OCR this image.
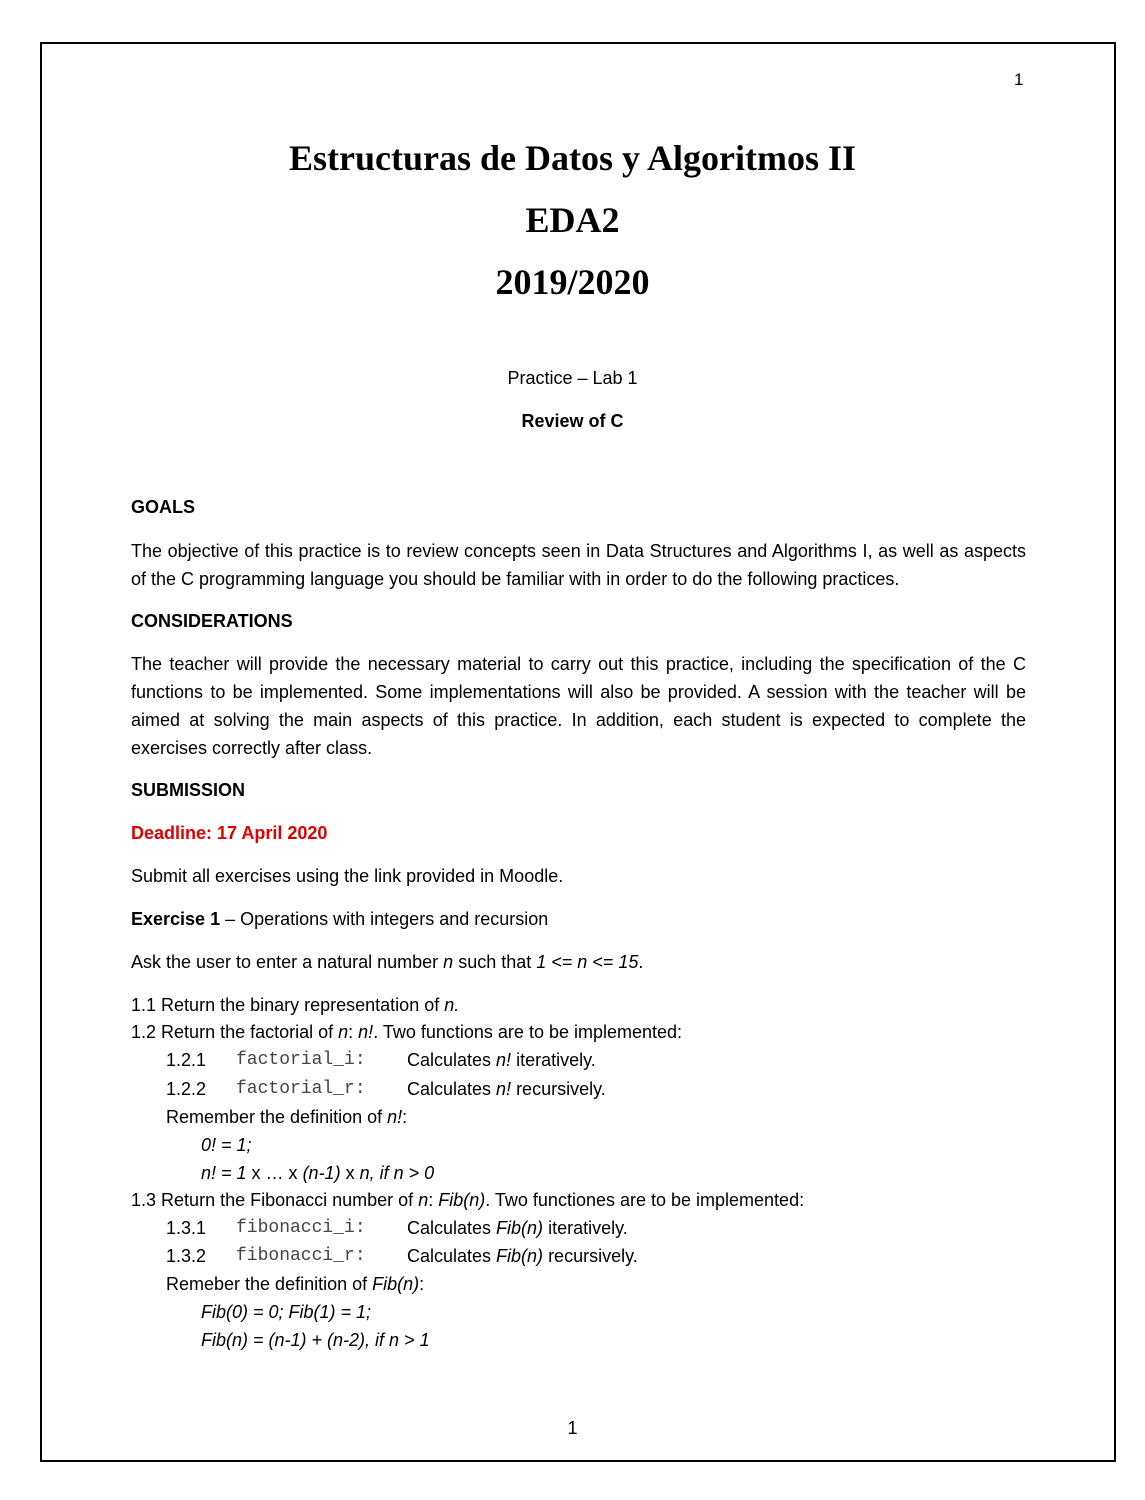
1
Estructuras de Datos y Algoritmos II
EDA2
2019/2020
Practice – Lab 1
Review of C
GOALS
The objective of this practice is to review concepts seen in Data Structures and Algorithms I, as well as aspects of the C programming language you should be familiar with in order to do the following practices.
CONSIDERATIONS
The teacher will provide the necessary material to carry out this practice, including the specification of the C functions to be implemented. Some implementations will also be provided. A session with the teacher will be aimed at solving the main aspects of this practice. In addition, each student is expected to complete the exercises correctly after class.
SUBMISSION
Deadline: 17 April 2020
Submit all exercises using the link provided in Moodle.
Exercise 1 – Operations with integers and recursion
Ask the user to enter a natural number n such that 1 <= n <= 15.
1.1 Return the binary representation of n.
1.2 Return the factorial of n: n!. Two functions are to be implemented:
1.2.1 factorial_i: Calculates n! iteratively.
1.2.2 factorial_r: Calculates n! recursively.
Remember the definition of n!:
0! = 1;
n! = 1 x … x (n-1) x n, if n > 0
1.3 Return the Fibonacci number of n: Fib(n). Two functiones are to be implemented:
1.3.1 fibonacci_i: Calculates Fib(n) iteratively.
1.3.2 fibonacci_r: Calculates Fib(n) recursively.
Remeber the definition of Fib(n):
Fib(0) = 0; Fib(1) = 1;
Fib(n) = (n-1) + (n-2), if n > 1
1
